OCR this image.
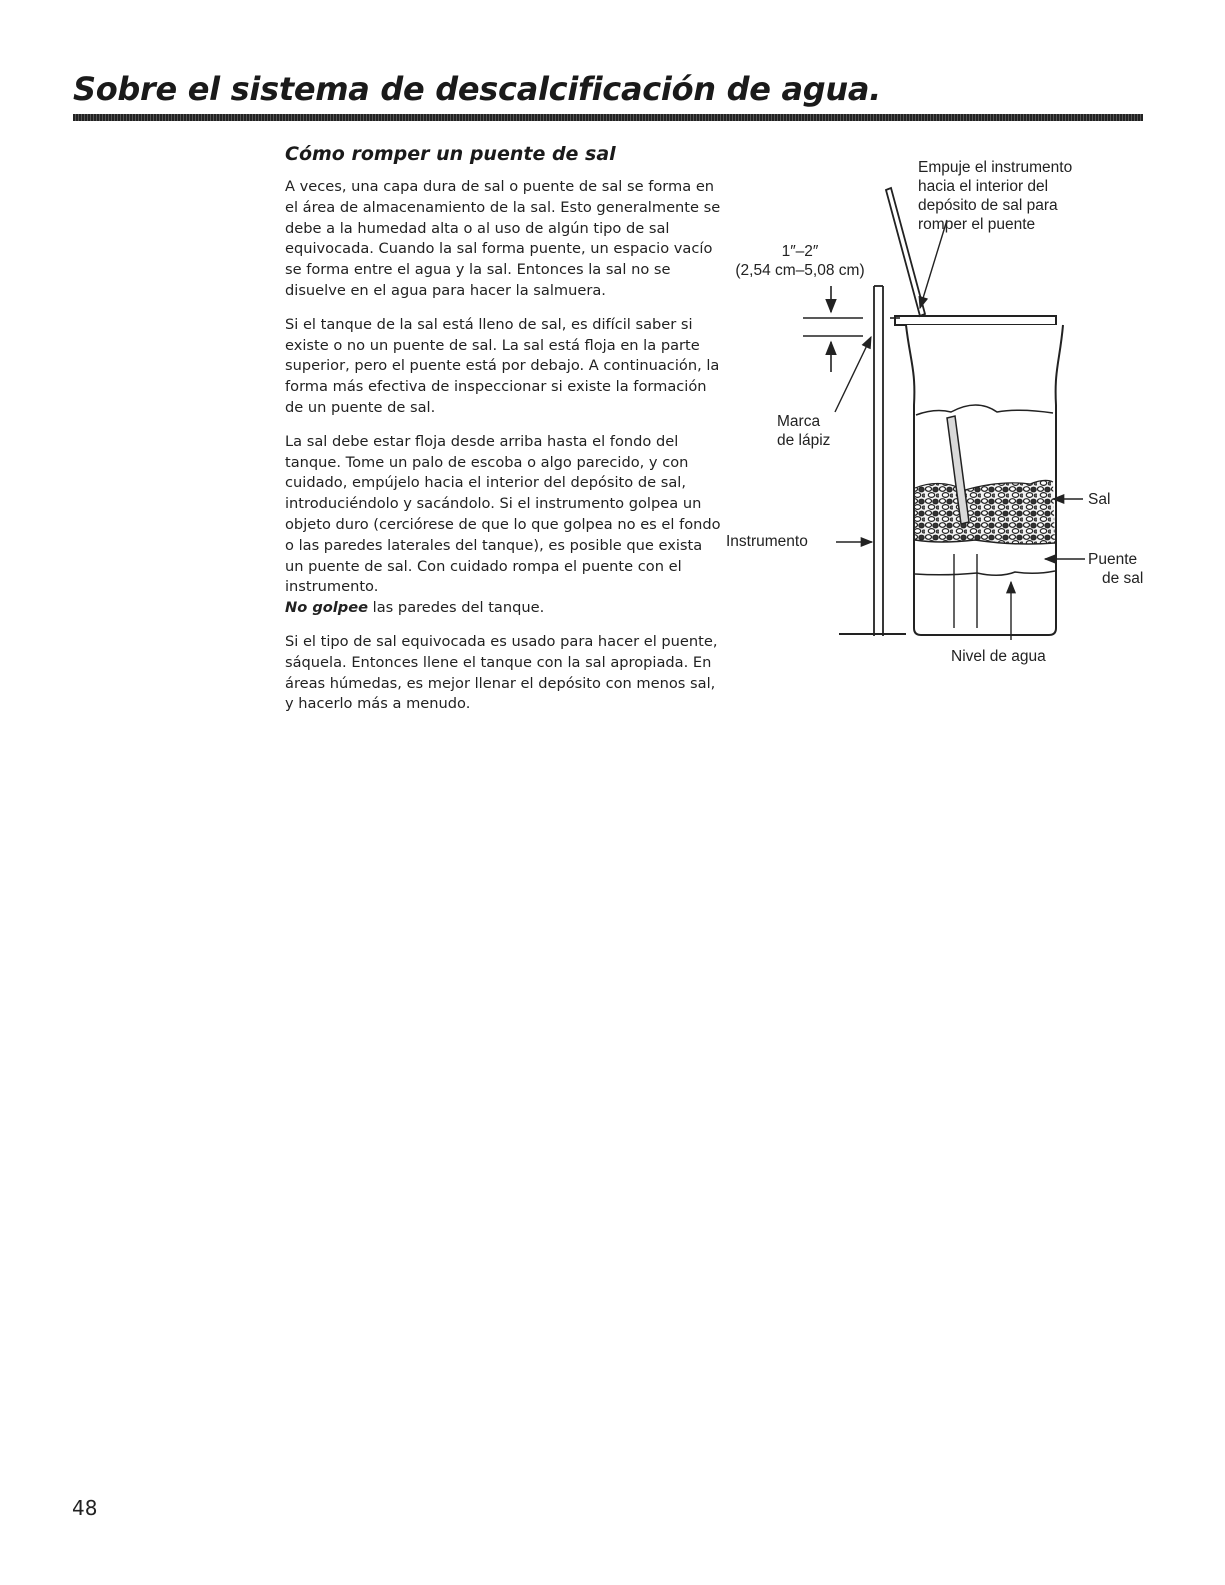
Sobre el sistema de descalcificación de agua.
Cómo romper un puente de sal

A veces, una capa dura de sal o puente de sal se forma en el área de almacenamiento de la sal. Esto generalmente se debe a la humedad alta o al uso de algún tipo de sal equivocada. Cuando la sal forma puente, un espacio vacío se forma entre el agua y la sal. Entonces la sal no se disuelve en el agua para hacer la salmuera.

Si el tanque de la sal está lleno de sal, es difícil saber si existe o no un puente de sal. La sal está floja en la parte superior, pero el puente está por debajo. A continuación, la forma más efectiva de inspeccionar si existe la formación de un puente de sal.

La sal debe estar floja desde arriba hasta el fondo del tanque. Tome un palo de escoba o algo parecido, y con cuidado, empújelo hacia el interior del depósito de sal, introduciéndolo y sacándolo. Si el instrumento golpea un objeto duro (cerciórese de que lo que golpea no es el fondo o las paredes laterales del tanque), es posible que exista un puente de sal. Con cuidado rompa el puente con el instrumento.
No golpee las paredes del tanque.

Si el tipo de sal equivocada es usado para hacer el puente, sáquela. Entonces llene el tanque con la sal apropiada. En áreas húmedas, es mejor llenar el depósito con menos sal, y hacerlo más a menudo.

Empuje el instrumento
hacia el interior del
depósito de sal para
romper el puente
1″–2″
(2,54 cm–5,08 cm)
Marca
de lápiz
Instrumento
Sal
Puente
de sal
Nivel de agua
48
